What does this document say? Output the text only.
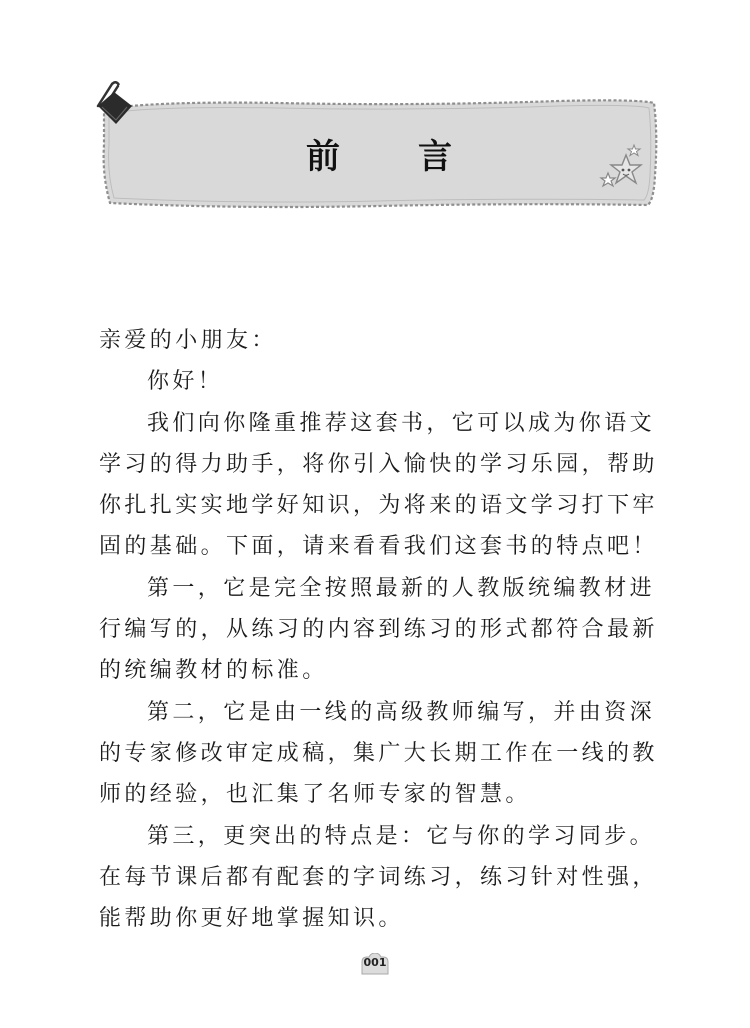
前言

亲爱的小朋友：

你好！

我们向你隆重推荐这套书，它可以成为你语文学习的得力助手，将你引入愉快的学习乐园，帮助你扎扎实实地学好知识，为将来的语文学习打下牢固的基础。下面，请来看看我们这套书的特点吧！

第一，它是完全按照最新的人教版统编教材进行编写的，从练习的内容到练习的形式都符合最新的统编教材的标准。

第二，它是由一线的高级教师编写，并由资深的专家修改审定成稿，集广大长期工作在一线的教师的经验，也汇集了名师专家的智慧。

第三，更突出的特点是：它与你的学习同步。在每节课后都有配套的字词练习，练习针对性强，能帮助你更好地掌握知识。

001
